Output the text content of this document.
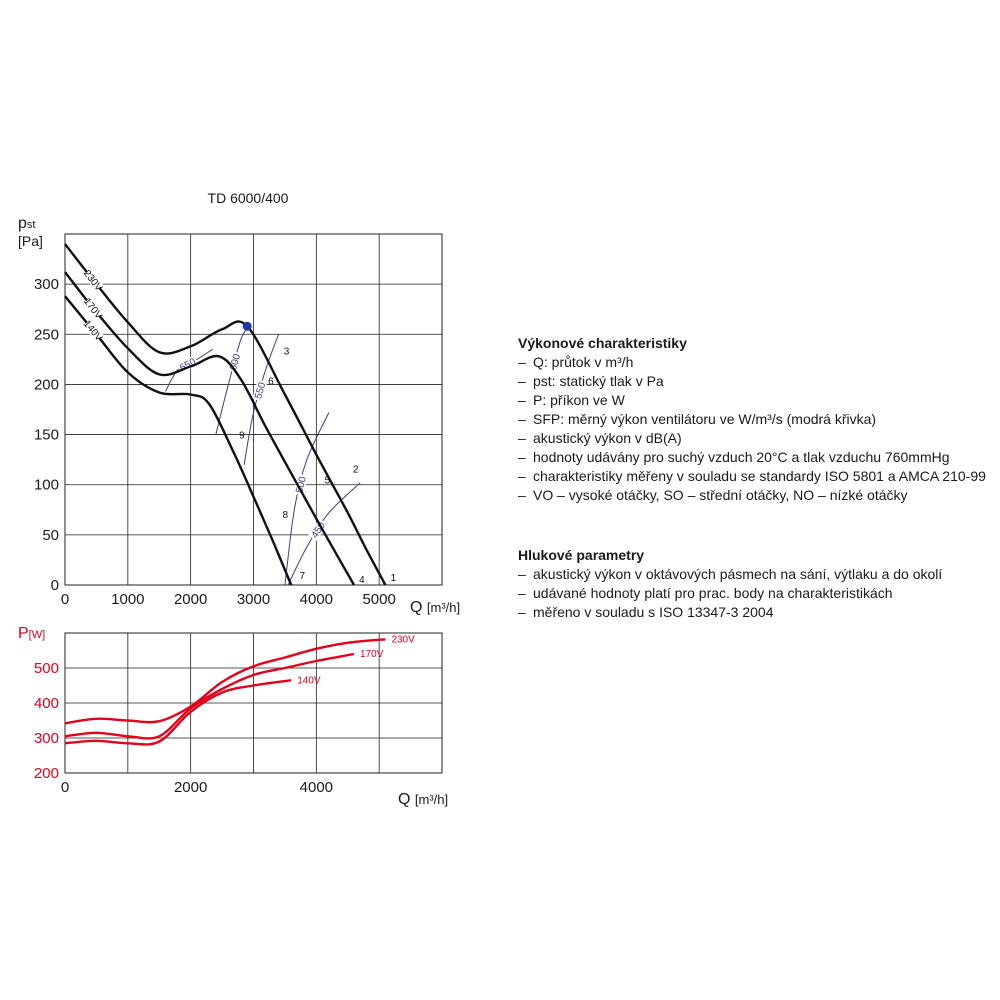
TD 6000/400
pst
[Pa]
0	1000 2000 3000 4000 5000
0
50
100
150
200
250
300
650	600
550
500
450
230V
170V
140V
1
2
3
4
5
6
7
8
9
Q [m³/h]
P[W]
0	2000	4000
200
300
400
500
230V
170V
140V
Q [m³/h]
Výkonové charakteristiky
– Q: průtok v m³/h
– pst: statický tlak v Pa
– P: příkon ve W
– SFP: měrný výkon ventilátoru ve W/m³/s (modrá křivka)
– akustický výkon v dB(A)
– hodnoty udávány pro suchý vzduch 20°C a tlak vzduchu 760mmHg
– charakteristiky měřeny v souladu se standardy ISO 5801 a AMCA 210-99
– VO – vysoké otáčky, SO – střední otáčky, NO – nízké otáčky
Hlukové parametry
– akustický výkon v oktávových pásmech na sání, výtlaku a do okolí
– udávané hodnoty platí pro prac. body na charakteristikách
– měřeno v souladu s ISO 13347-3 2004
